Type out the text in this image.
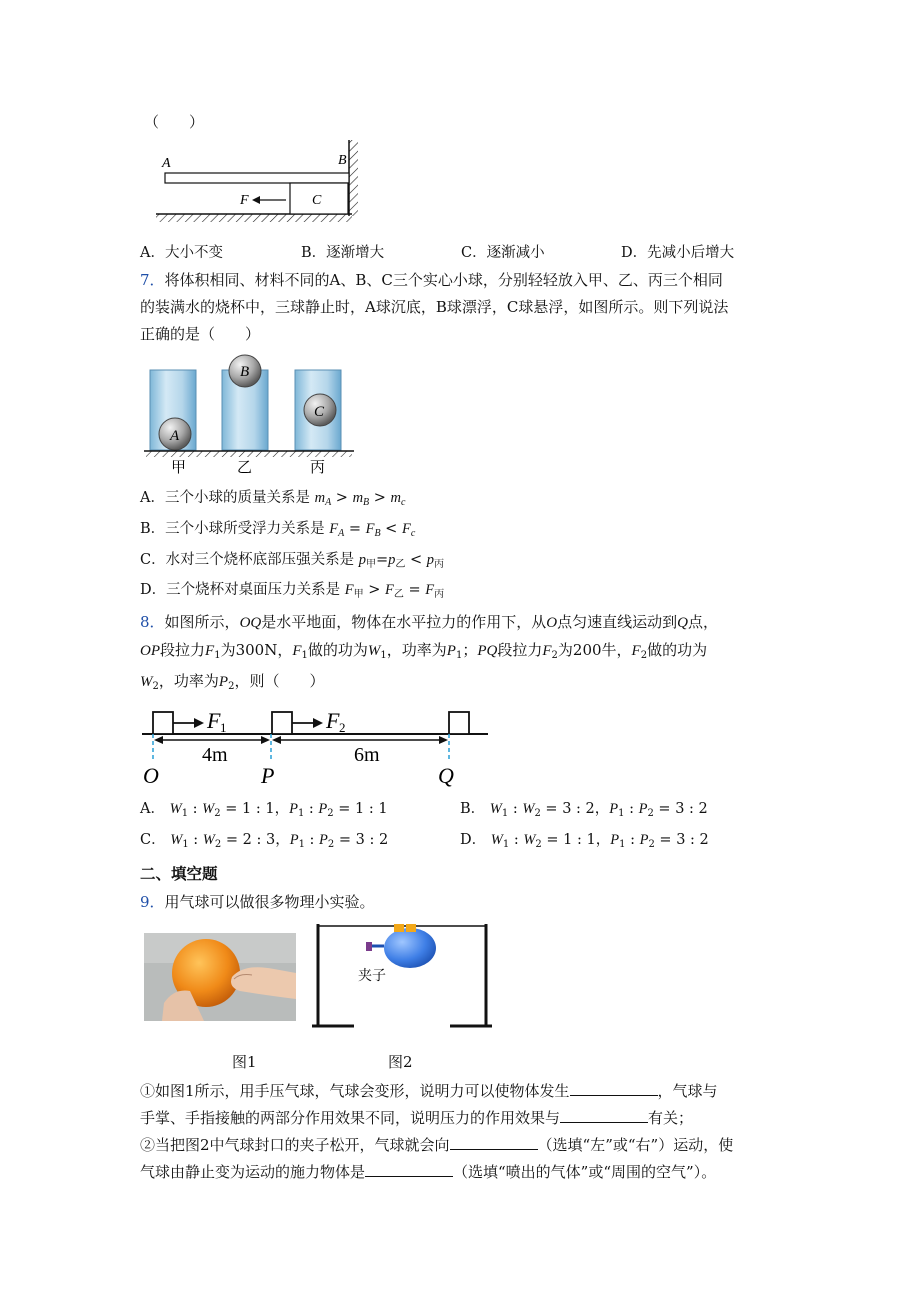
（　　）
A	B
F	C
A．大小不变	B．逐渐增大	C．逐渐减小	D．先减小后增大
7．将体积相同、材料不同的A、B、C三个实心小球，分别轻轻放入甲、乙、丙三个相同
的装满水的烧杯中，三球静止时，A球沉底，B球漂浮，C球悬浮，如图所示。则下列说法
正确的是（　　）
A
B
C
甲	乙	丙
A．三个小球的质量关系是 $m_A > m_B > m_c$
B．三个小球所受浮力关系是 $F_A = F_B < F_c$
C．水对三个烧杯底部压强关系是 $p_甲=p_乙 < p_丙$
D．三个烧杯对桌面压力关系是 $F_甲 > F_乙 = F_丙$
8．如图所示，OQ是水平地面，物体在水平拉力的作用下，从O点匀速直线运动到Q点，
OP段拉力$F_1$为300N，$F_1$做的功为$W_1$，功率为$P_1$；PQ段拉力$F_2$为200牛，$F_2$做的功为
$W_2$，功率为$P_2$，则（　　）
F 1	F 2
4m	6m
O	P	Q
A． $W_1$ : $W_2 = 1$ : 1，$P_1$ : $P_2 = 1$ : 1	B． $W_1$ : $W_2 = 3$ : 2，$P_1$ : $P_2 = 3$ : 2
C． $W_1$ : $W_2 = 2$ : 3，$P_1$ : $P_2 = 3$ : 2	D． $W_1$ : $W_2 = 1$ : 1，$P_1$ : $P_2 = 3$ : 2
二、填空题
9．用气球可以做很多物理小实验。
夹子
图1	图2
①如图1所示，用手压气球，气球会变形，说明力可以使物体发生	，气球与
手掌、手指接触的两部分作用效果不同，说明压力的作用效果与	有关；
②当把图2中气球封口的夹子松开，气球就会向	（选填“左”或“右”）运动，使
气球由静止变为运动的施力物体是	（选填“喷出的气体”或“周围的空气”）。
